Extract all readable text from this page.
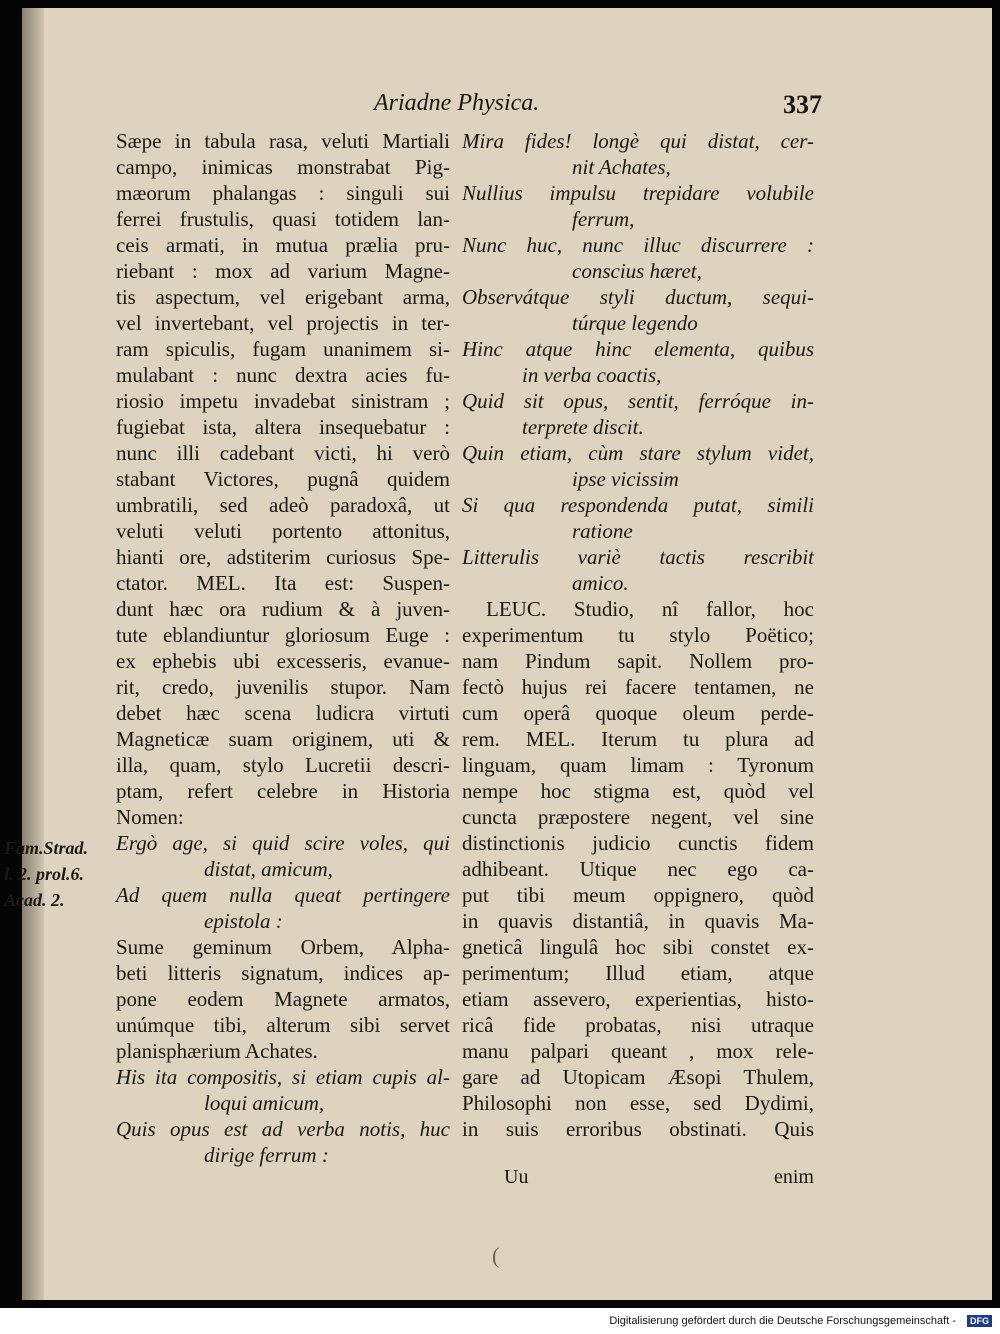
Ariadne Physica.	337
Sæpe in tabula rasa, veluti Martiali
campo, inimicas monstrabat Pig-
mæorum phalangas : singuli sui
ferrei frustulis, quasi totidem lan-
ceis armati, in mutua prælia pru-
riebant : mox ad varium Magne-
tis aspectum, vel erigebant arma,
vel invertebant, vel projectis in ter-
ram spiculis, fugam unanimem si-
mulabant : nunc dextra acies fu-
riosio impetu invadebat sinistram ;
fugiebat ista, altera insequebatur :
nunc illi cadebant victi, hi verò
stabant Victores, pugnâ quidem
umbratili, sed adeò paradoxâ, ut
veluti veluti portento attonitus,
hianti ore, adstiterim curiosus Spe-
ctator. MEL. Ita est: Suspen-
dunt hæc ora rudium & à juven-
tute eblandiuntur gloriosum Euge :
ex ephebis ubi excesseris, evanue-
rit, credo, juvenilis stupor. Nam
debet hæc scena ludicra virtuti
Magneticæ suam originem, uti &
illa, quam, stylo Lucretii descri-
ptam, refert celebre in Historia
Nomen:
Ergò age, si quid scire voles, qui
distat, amicum,
Ad quem nulla queat pertingere
epistola :
Sume geminum Orbem, Alpha-
beti litteris signatum, indices ap-
pone eodem Magnete armatos,
unúmque tibi, alterum sibi servet
planisphærium Achates.
His ita compositis, si etiam cupis al-
loqui amicum,
Quis opus est ad verba notis, huc
dirige ferrum :
Mira fides! longè qui distat, cer-
nit Achates,
Nullius impulsu trepidare volubile
ferrum,
Nunc huc, nunc illuc discurrere :
conscius hæret,
Observátque styli ductum, sequi-
túrque legendo
Hinc atque hinc elementa, quibus
in verba coactis,
Quid sit opus, sentit, ferróque in-
terprete discit.
Quin etiam, cùm stare stylum videt,
ipse vicissim
Si qua respondenda putat, simili
ratione
Litterulis variè tactis rescribit
amico.
LEUC. Studio, nî fallor, hoc
experimentum tu stylo Poëtico;
nam Pindum sapit. Nollem pro-
fectò hujus rei facere tentamen, ne
cum operâ quoque oleum perde-
rem. MEL. Iterum tu plura ad
linguam, quam limam : Tyronum
nempe hoc stigma est, quòd vel
cuncta præpostere negent, vel sine
distinctionis judicio cunctis fidem
adhibeant. Utique nec ego ca-
put tibi meum oppignero, quòd
in quavis distantiâ, in quavis Ma-
gneticâ lingulâ hoc sibi constet ex-
perimentum; Illud etiam, atque
etiam assevero, experientias, histo-
ricâ fide probatas, nisi utraque
manu palpari queant , mox rele-
gare ad Utopicam Æsopi Thulem,
Philosophi non esse, sed Dydimi,
in suis erroribus obstinati. Quis
Fam.Strad.
l. 2. prol.6.
Acad. 2.
Uu	enim
(
Digitalisierung gefördert durch die Deutsche Forschungsgemeinschaft -	DFG
